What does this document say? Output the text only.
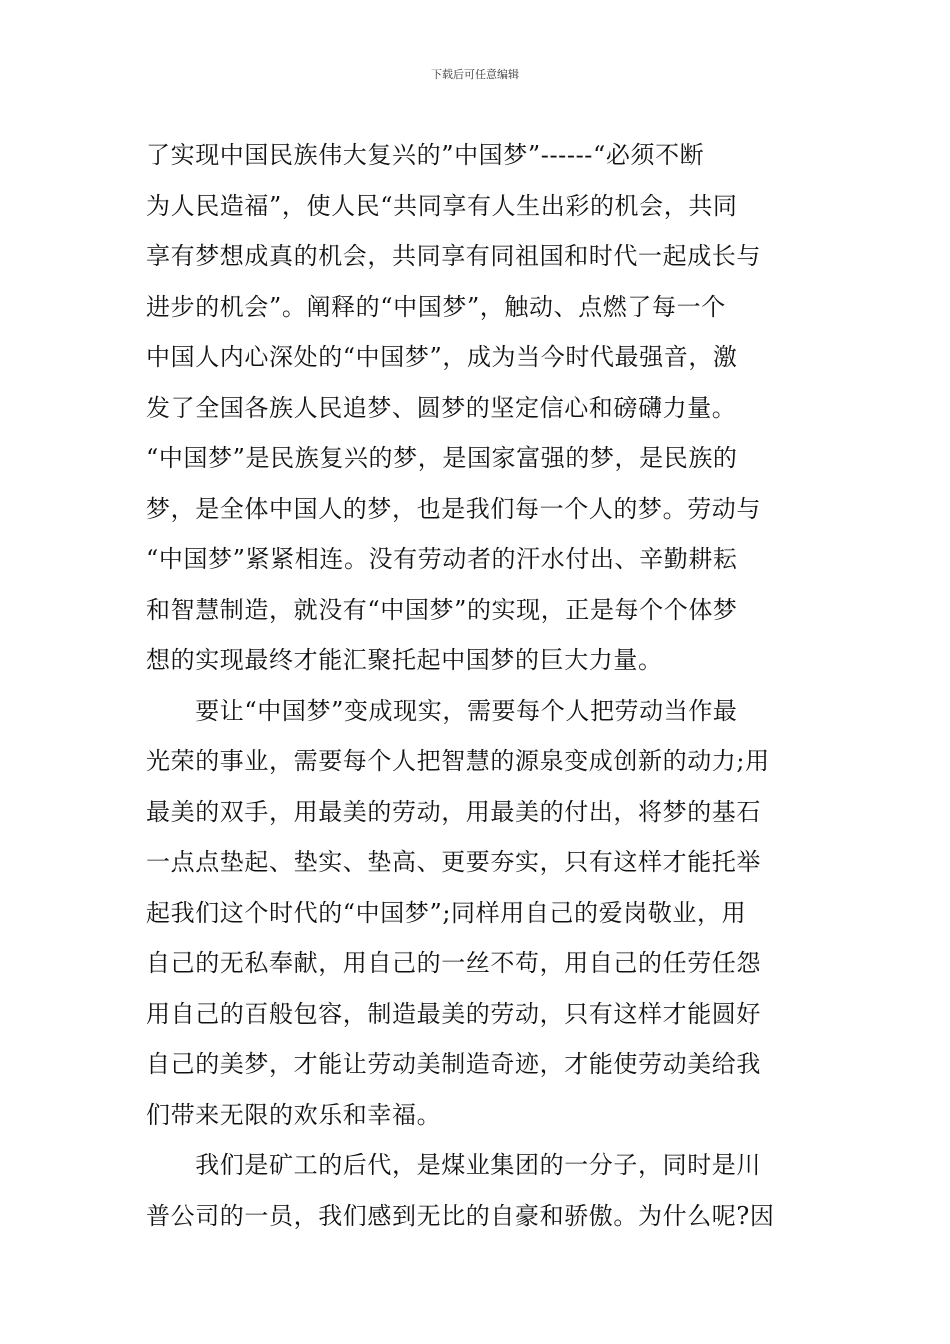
下载后可任意编辑
了实现中国民族伟大复兴的”中国梦”------“必须不断
为人民造福”，使人民“共同享有人生出彩的机会，共同
享有梦想成真的机会，共同享有同祖国和时代一起成长与
进步的机会”。阐释的“中国梦”，触动、点燃了每一个
中国人内心深处的“中国梦”，成为当今时代最强音，激
发了全国各族人民追梦、圆梦的坚定信心和磅礴力量。
“中国梦”是民族复兴的梦，是国家富强的梦，是民族的
梦，是全体中国人的梦，也是我们每一个人的梦。劳动与
“中国梦”紧紧相连。没有劳动者的汗水付出、辛勤耕耘
和智慧制造，就没有“中国梦”的实现，正是每个个体梦
想的实现最终才能汇聚托起中国梦的巨大力量。
　　要让“中国梦”变成现实，需要每个人把劳动当作最
光荣的事业，需要每个人把智慧的源泉变成创新的动力;用
最美的双手，用最美的劳动，用最美的付出，将梦的基石
一点点垫起、垫实、垫高、更要夯实，只有这样才能托举
起我们这个时代的“中国梦”;同样用自己的爱岗敬业，用
自己的无私奉献，用自己的一丝不苟，用自己的任劳任怨
用自己的百般包容，制造最美的劳动，只有这样才能圆好
自己的美梦，才能让劳动美制造奇迹，才能使劳动美给我
们带来无限的欢乐和幸福。
　　我们是矿工的后代，是煤业集团的一分子，同时是川
普公司的一员，我们感到无比的自豪和骄傲。为什么呢?因
